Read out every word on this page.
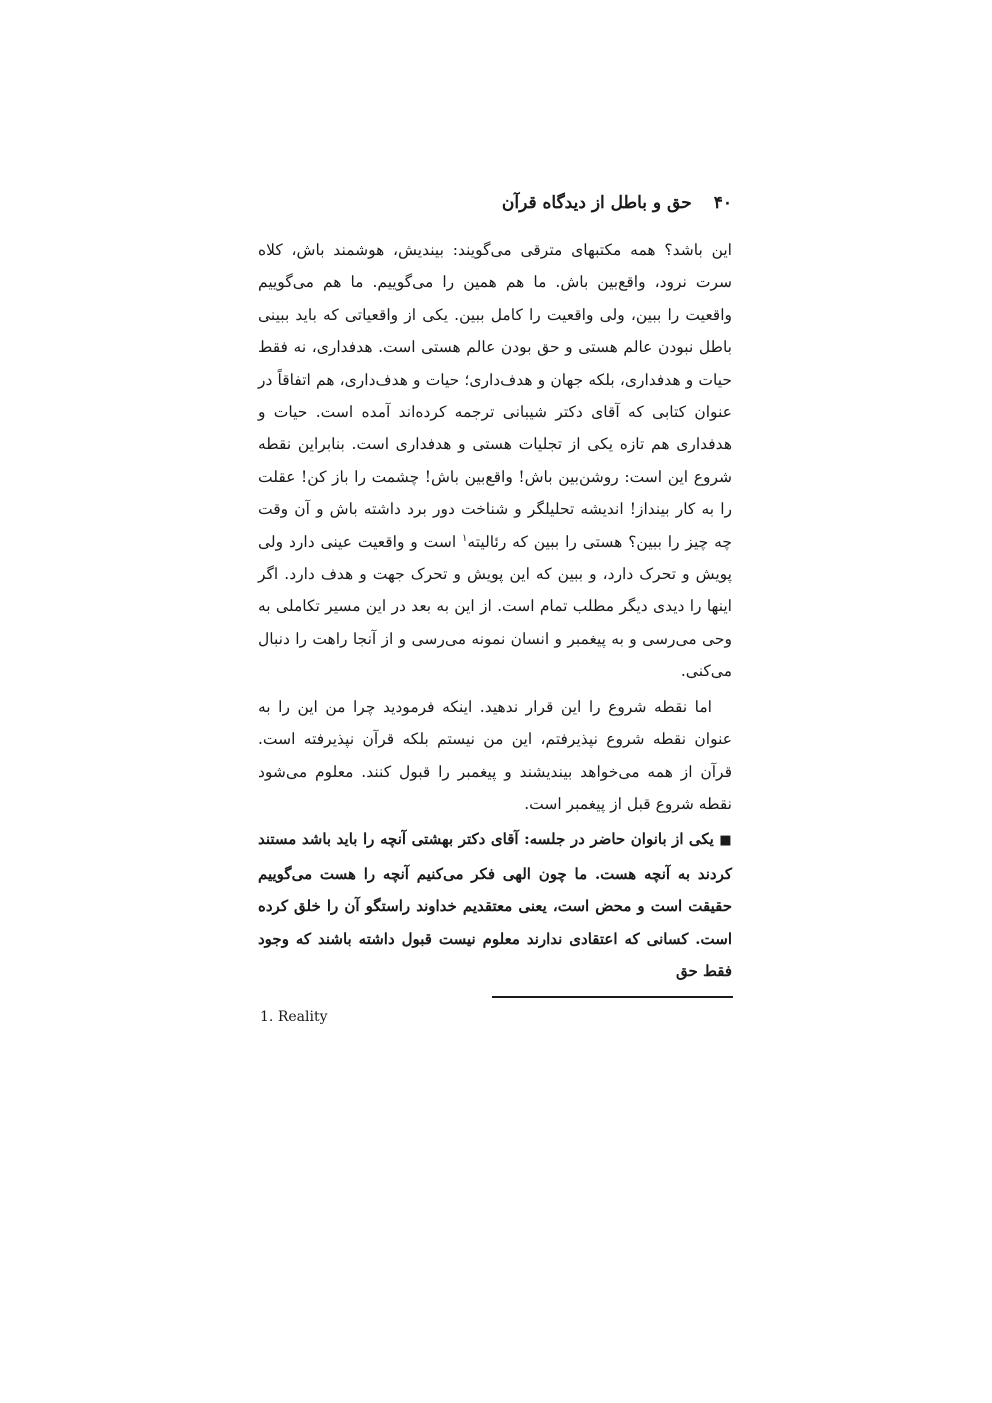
۴۰حق و باطل از دیدگاه قرآن

این باشد؟ همه مکتبهای مترقی می‌گویند: بیندیش، هوشمند باش، کلاه سرت نرود، واقع‌بین باش. ما هم همین را می‌گوییم. ما هم می‌گوییم واقعیت را ببین، ولی واقعیت را کامل ببین. یکی از واقعیاتی که باید ببینی باطل نبودن عالم هستی و حق بودن عالم هستی است. هدفداری، نه فقط حیات و هدفداری، بلکه جهان و هدف‌داری؛ حیات و هدف‌داری، هم اتفاقاً در عنوان کتابی که آقای دکتر شیبانی ترجمه کرده‌اند آمده است. حیات و هدفداری هم تازه یکی از تجلیات هستی و هدفداری است. بنابراین نقطه شروع این است: روشن‌بین باش! واقع‌بین باش! چشمت را باز کن! عقلت را به کار بینداز! اندیشه تحلیلگر و شناخت دور برد داشته باش و آن وقت چه چیز را ببین؟ هستی را ببین که رئالیته$^۱$ است و واقعیت عینی دارد ولی پویش و تحرک دارد، و ببین که این پویش و تحرک جهت و هدف دارد. اگر اینها را دیدی دیگر مطلب تمام است. از این به بعد در این مسیر تکاملی به وحی می‌رسی و به پیغمبر و انسان نمونه می‌رسی و از آنجا راهت را دنبال می‌کنی.

اما نقطه شروع را این قرار ندهید. اینکه فرمودید چرا من این را به عنوان نقطه شروع نپذیرفتم، این من نیستم بلکه قرآن نپذیرفته است. قرآن از همه می‌خواهد بیندیشند و پیغمبر را قبول کنند. معلوم می‌شود نقطه شروع قبل از پیغمبر است.

■ یکی از بانوان حاضر در جلسه: آقای دکتر بهشتی آنچه را باید باشد مستند کردند به آنچه هست. ما چون الهی فکر می‌کنیم آنچه را هست می‌گوییم حقیقت است و محض است، یعنی معتقدیم خداوند راستگو آن را خلق کرده است. کسانی که اعتقادی ندارند معلوم نیست قبول داشته باشند که وجود فقط حق

1. Reality
